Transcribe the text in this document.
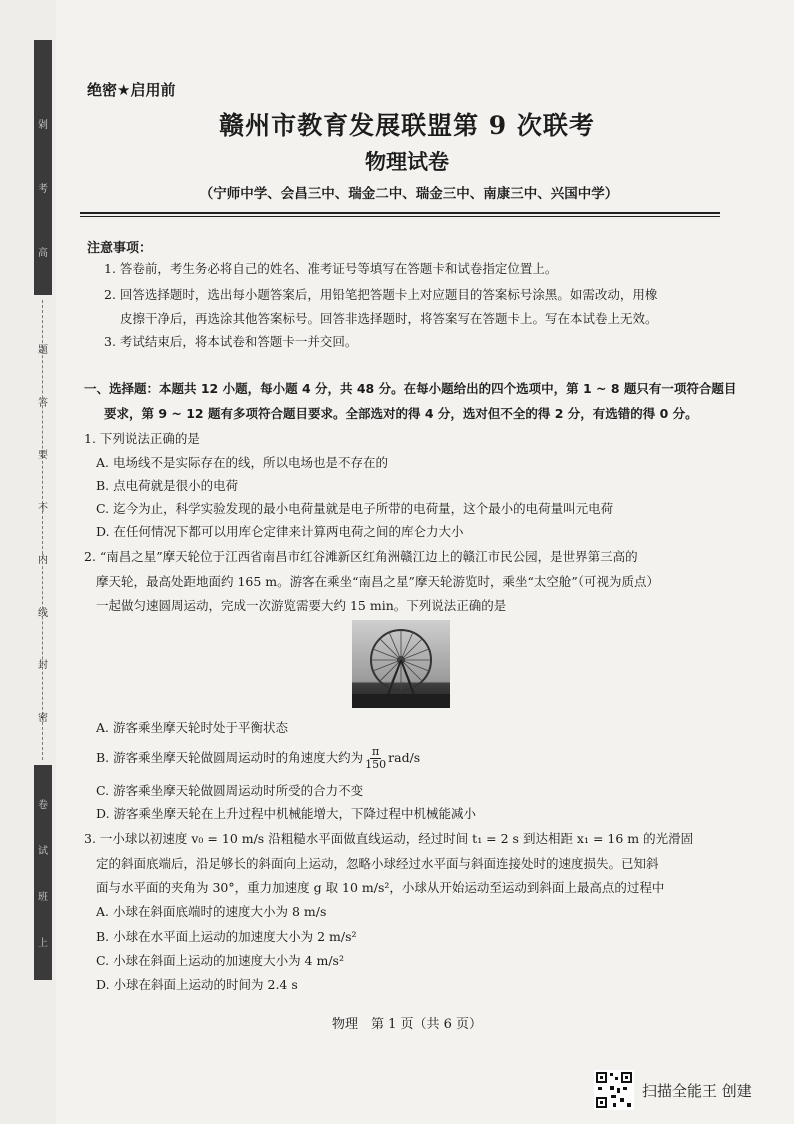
剁
考
高
题
答
要
不
内
线
封
密
卷
试
班
上
绝密★启用前
赣州市教育发展联盟第 9 次联考
物理试卷
（宁师中学、会昌三中、瑞金二中、瑞金三中、南康三中、兴国中学）
注意事项：
1. 答卷前，考生务必将自己的姓名、准考证号等填写在答题卡和试卷指定位置上。
2. 回答选择题时，选出每小题答案后，用铅笔把答题卡上对应题目的答案标号涂黑。如需改动，用橡
皮擦干净后，再选涂其他答案标号。回答非选择题时，将答案写在答题卡上。写在本试卷上无效。
3. 考试结束后，将本试卷和答题卡一并交回。
一、选择题：本题共 12 小题，每小题 4 分，共 48 分。在每小题给出的四个选项中，第 1 ~ 8 题只有一项符合题目
要求，第 9 ~ 12 题有多项符合题目要求。全部选对的得 4 分，选对但不全的得 2 分，有选错的得 0 分。
1. 下列说法正确的是
A. 电场线不是实际存在的线，所以电场也是不存在的
B. 点电荷就是很小的电荷
C. 迄今为止，科学实验发现的最小电荷量就是电子所带的电荷量，这个最小的电荷量叫元电荷
D. 在任何情况下都可以用库仑定律来计算两电荷之间的库仑力大小
2. “南昌之星”摩天轮位于江西省南昌市红谷滩新区红角洲赣江边上的赣江市民公园，是世界第三高的
摩天轮，最高处距地面约 165 m。游客在乘坐“南昌之星”摩天轮游览时，乘坐“太空舱”（可视为质点）
一起做匀速圆周运动，完成一次游览需要大约 15 min。下列说法正确的是
A. 游客乘坐摩天轮时处于平衡状态
B. 游客乘坐摩天轮做圆周运动时的角速度大约为 $\frac{\pi}{150} rad/s$
C. 游客乘坐摩天轮做圆周运动时所受的合力不变
D. 游客乘坐摩天轮在上升过程中机械能增大，下降过程中机械能减小
3. 一小球以初速度 v₀ = 10 m/s 沿粗糙水平面做直线运动，经过时间 t₁ = 2 s 到达相距 x₁ = 16 m 的光滑固
定的斜面底端后，沿足够长的斜面向上运动，忽略小球经过水平面与斜面连接处时的速度损失。已知斜
面与水平面的夹角为 30°，重力加速度 g 取 10 m/s²，小球从开始运动至运动到斜面上最高点的过程中
A. 小球在斜面底端时的速度大小为 8 m/s
B. 小球在水平面上运动的加速度大小为 2 m/s²
C. 小球在斜面上运动的加速度大小为 4 m/s²
D. 小球在斜面上运动的时间为 2.4 s
物理　第 1 页（共 6 页）
扫描全能王 创建
